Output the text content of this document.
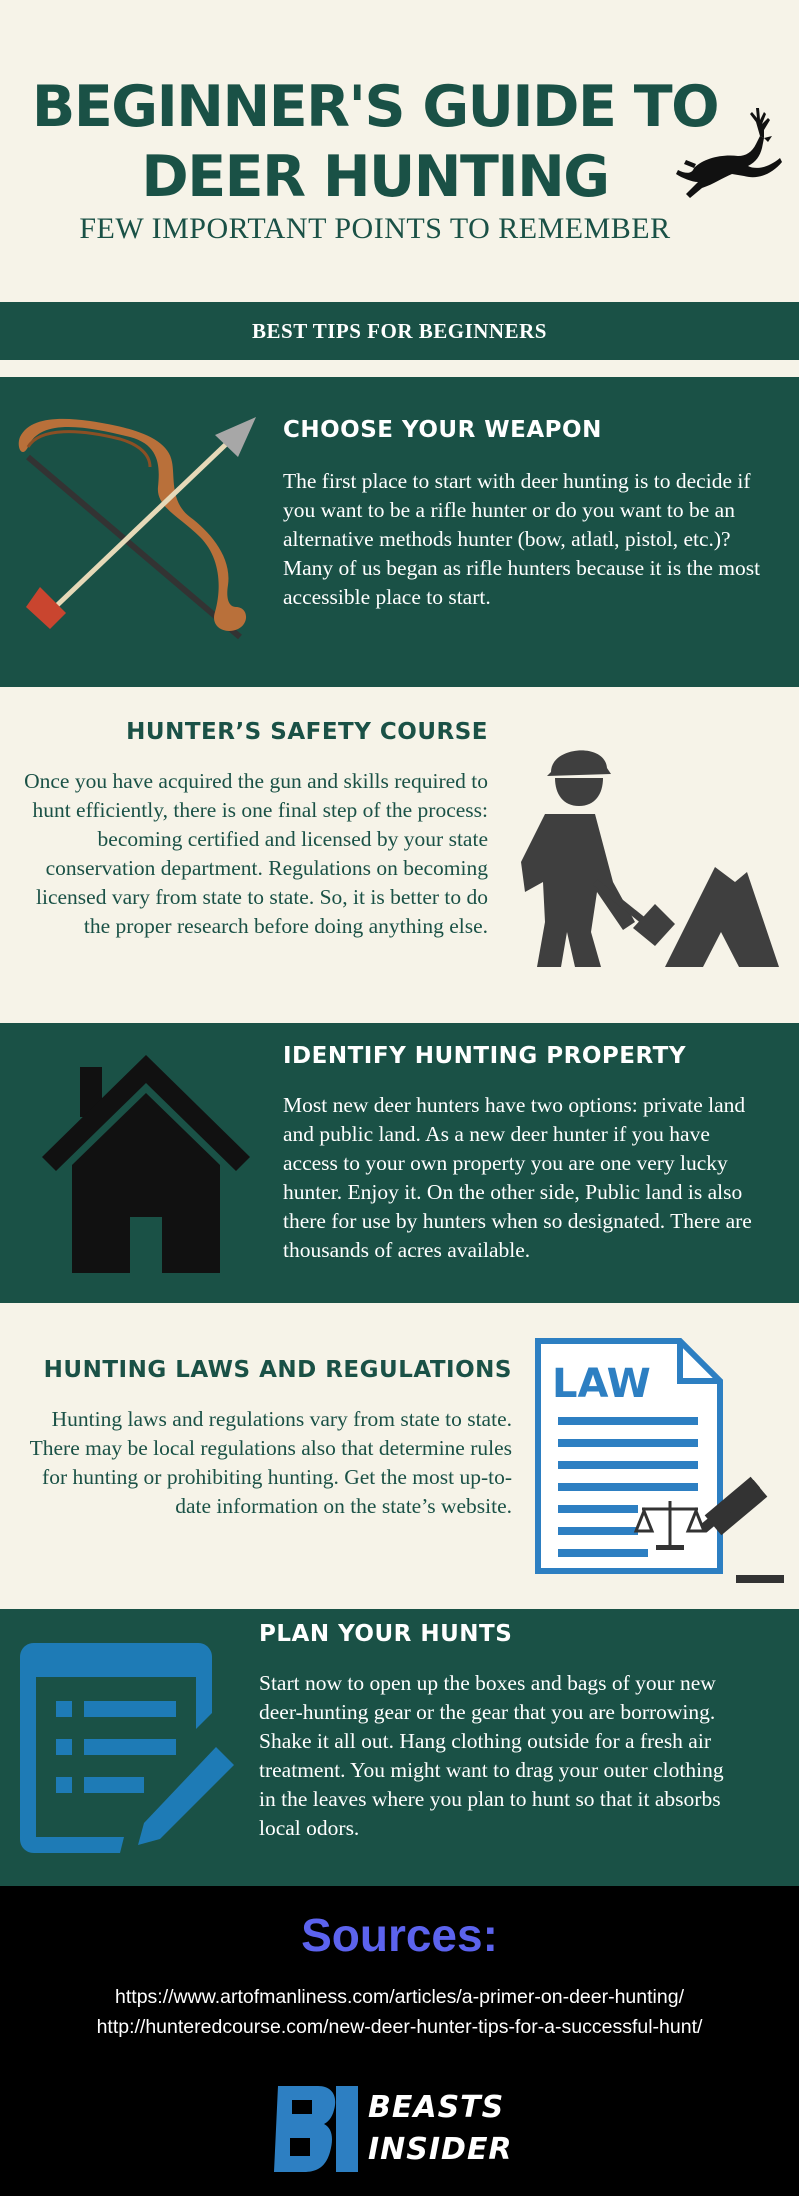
BEGINNER'S GUIDE TO
DEER HUNTING
FEW IMPORTANT POINTS TO REMEMBER
BEST TIPS FOR BEGINNERS
CHOOSE YOUR WEAPON
The first place to start with deer hunting is to decide if you want to be a rifle hunter or do you want to be an alternative methods hunter (bow, atlatl, pistol, etc.)? Many of us began as rifle hunters because it is the most accessible place to start.
HUNTER’S SAFETY COURSE
Once you have acquired the gun and skills required to hunt efficiently, there is one final step of the process: becoming certified and licensed by your state conservation department. Regulations on becoming licensed vary from state to state. So, it is better to do the proper research before doing anything else.
IDENTIFY HUNTING PROPERTY
Most new deer hunters have two options: private land and public land. As a new deer hunter if you have access to your own property you are one very lucky hunter. Enjoy it. On the other side, Public land is also there for use by hunters when so designated. There are thousands of acres available.
HUNTING LAWS AND REGULATIONS
Hunting laws and regulations vary from state to state. There may be local regulations also that determine rules for hunting or prohibiting hunting. Get the most up-to-date information on the state’s website.
LAW
PLAN YOUR HUNTS
Start now to open up the boxes and bags of your new deer-hunting gear or the gear that you are borrowing. Shake it all out. Hang clothing outside for a fresh air treatment. You might want to drag your outer clothing in the leaves where you plan to hunt so that it absorbs local odors.
Sources:
https://www.artofmanliness.com/articles/a-primer-on-deer-hunting/
http://hunteredcourse.com/new-deer-hunter-tips-for-a-successful-hunt/
BEASTS
INSIDER
